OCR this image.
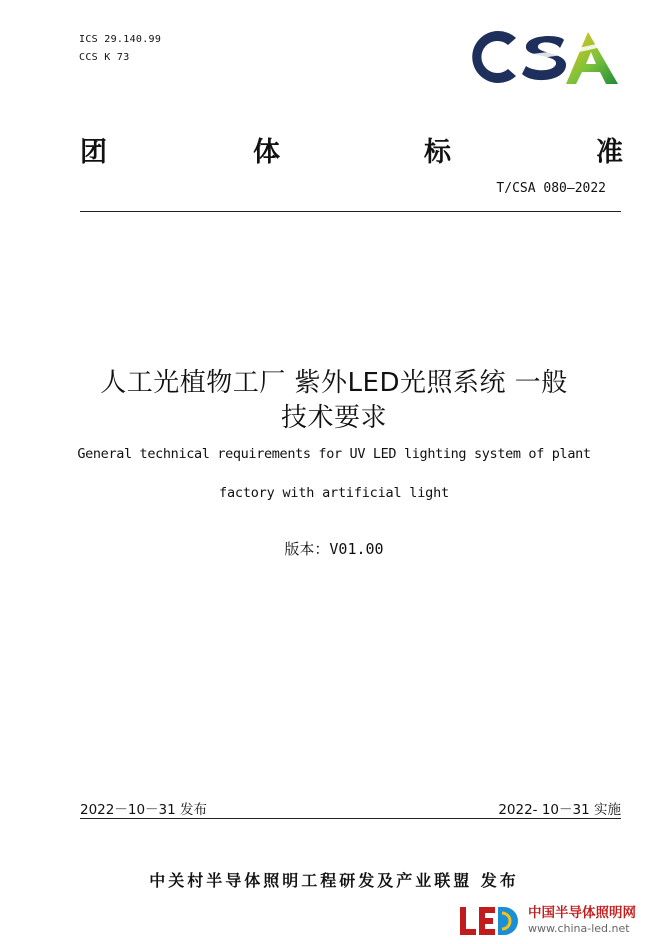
ICS 29.140.99
CCS K 73
CSA
团	体	标	准
T/CSA 080—2022
人工光植物工厂 紫外LED光照系统 一般
技术要求
General technical requirements for UV LED lighting system of plant
factory with artificial light
版本：V01.00
2022－10－31 发布	2022- 10－31 实施
中关村半导体照明工程研发及产业联盟 发布
LED
中国半导体照明网
www.china-led.net
